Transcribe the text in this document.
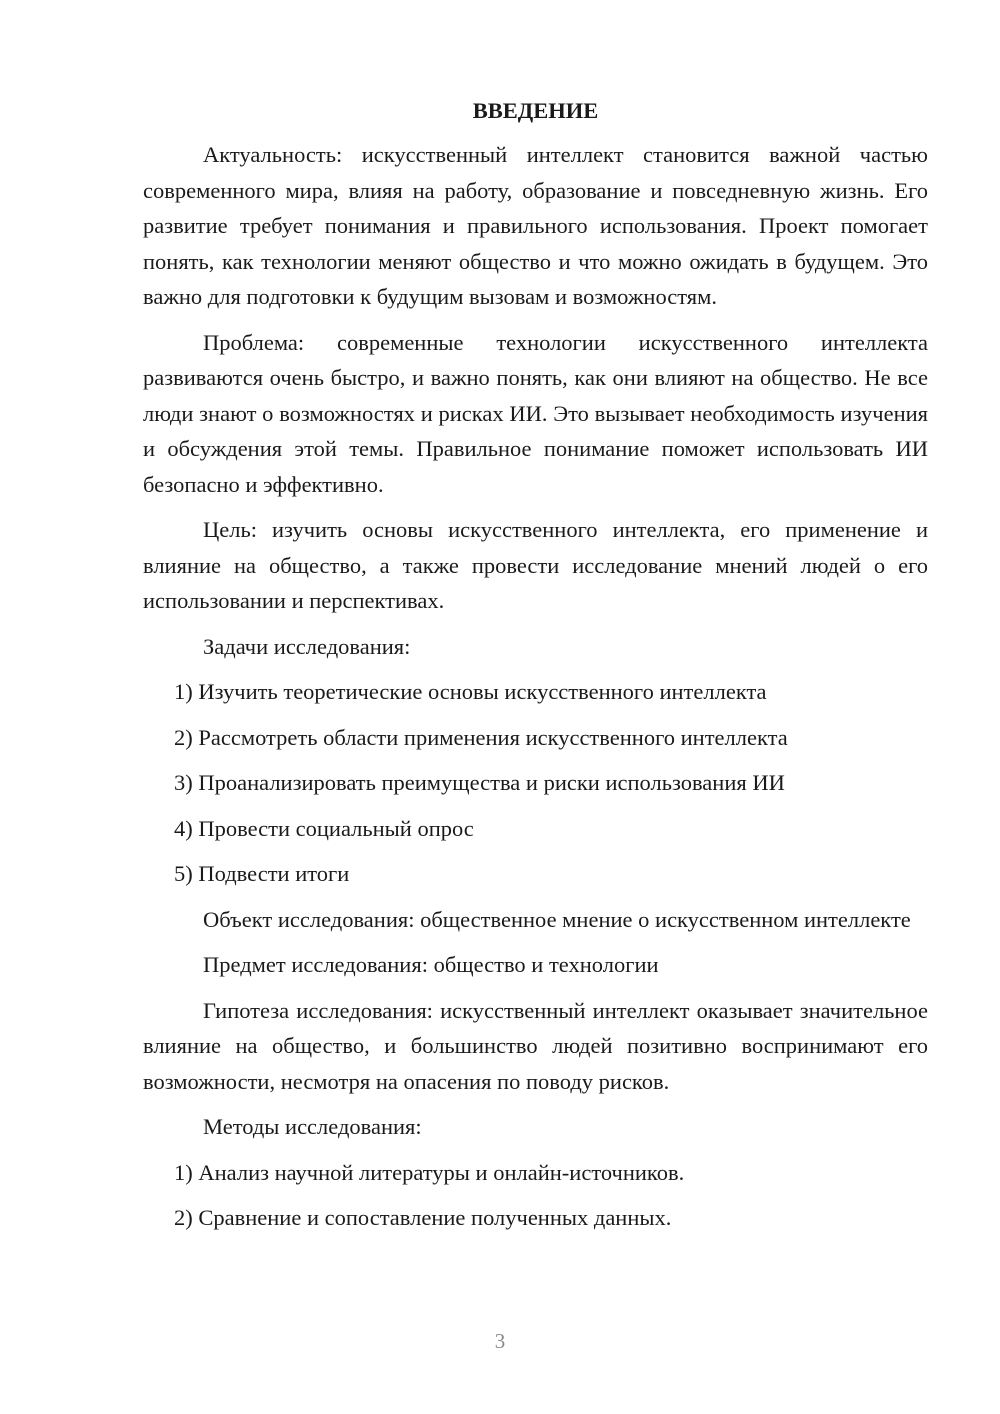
ВВЕДЕНИЕ

Актуальность: искусственный интеллект становится важной частью современного мира, влияя на работу, образование и повседневную жизнь. Его развитие требует понимания и правильного использования. Проект помогает понять, как технологии меняют общество и что можно ожидать в будущем. Это важно для подготовки к будущим вызовам и возможностям.

Проблема: современные технологии искусственного интеллекта развиваются очень быстро, и важно понять, как они влияют на общество. Не все люди знают о возможностях и рисках ИИ. Это вызывает необходимость изучения и обсуждения этой темы. Правильное понимание поможет использовать ИИ безопасно и эффективно.

Цель: изучить основы искусственного интеллекта, его применение и влияние на общество, а также провести исследование мнений людей о его использовании и перспективах.

Задачи исследования:

1) Изучить теоретические основы искусственного интеллекта

2) Рассмотреть области применения искусственного интеллекта

3) Проанализировать преимущества и риски использования ИИ

4) Провести социальный опрос

5) Подвести итоги

Объект исследования: общественное мнение о искусственном интеллекте

Предмет исследования: общество и технологии

Гипотеза исследования: искусственный интеллект оказывает значительное влияние на общество, и большинство людей позитивно воспринимают его возможности, несмотря на опасения по поводу рисков.

Методы исследования:

1) Анализ научной литературы и онлайн-источников.

2) Сравнение и сопоставление полученных данных.

3
